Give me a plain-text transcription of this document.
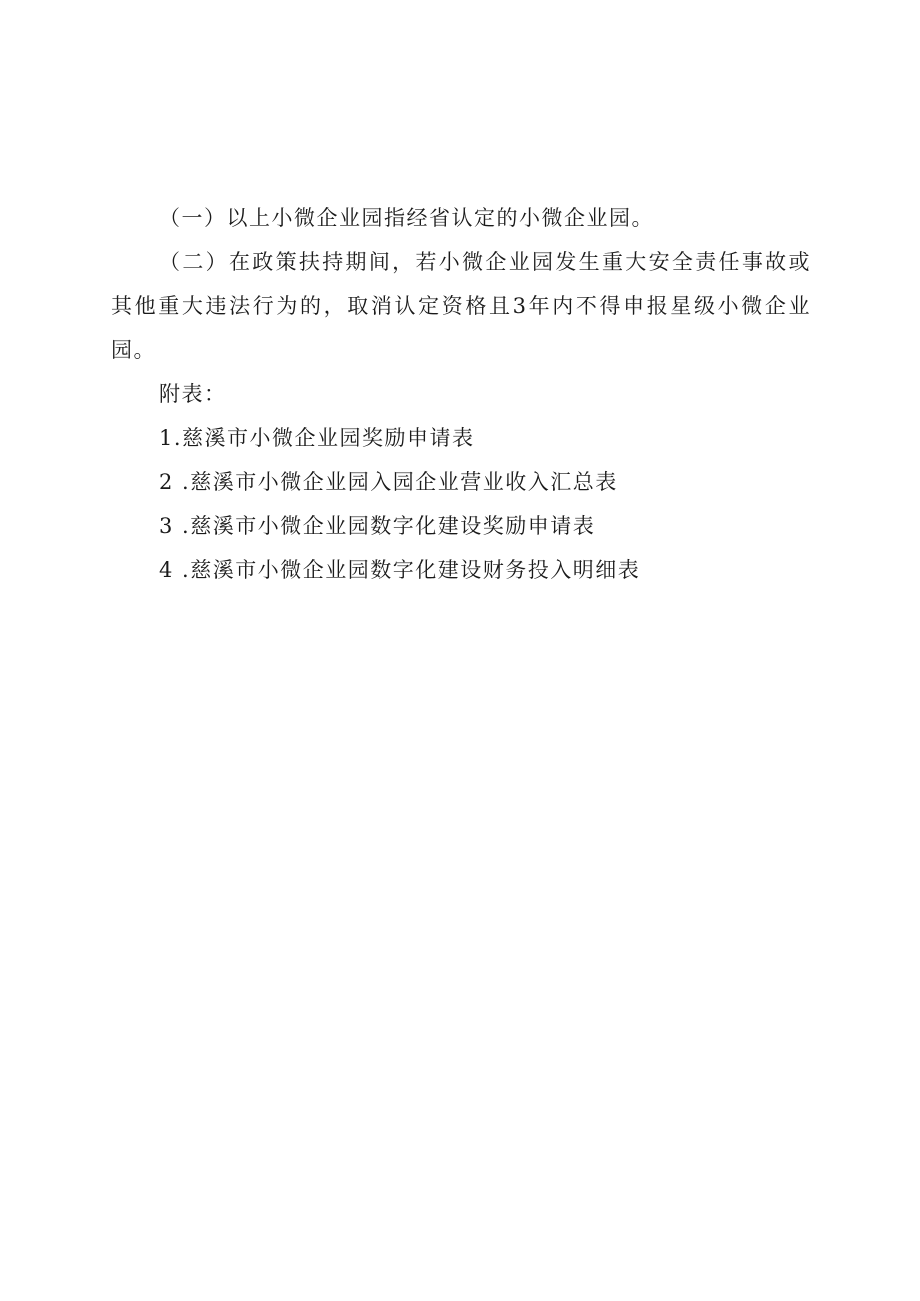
（一）以上小微企业园指经省认定的小微企业园。

（二）在政策扶持期间，若小微企业园发生重大安全责任事故或其他重大违法行为的，取消认定资格且3年内不得申报星级小微企业园。

附表：

1.慈溪市小微企业园奖励申请表
2 .慈溪市小微企业园入园企业营业收入汇总表
3 .慈溪市小微企业园数字化建设奖励申请表
4 .慈溪市小微企业园数字化建设财务投入明细表
